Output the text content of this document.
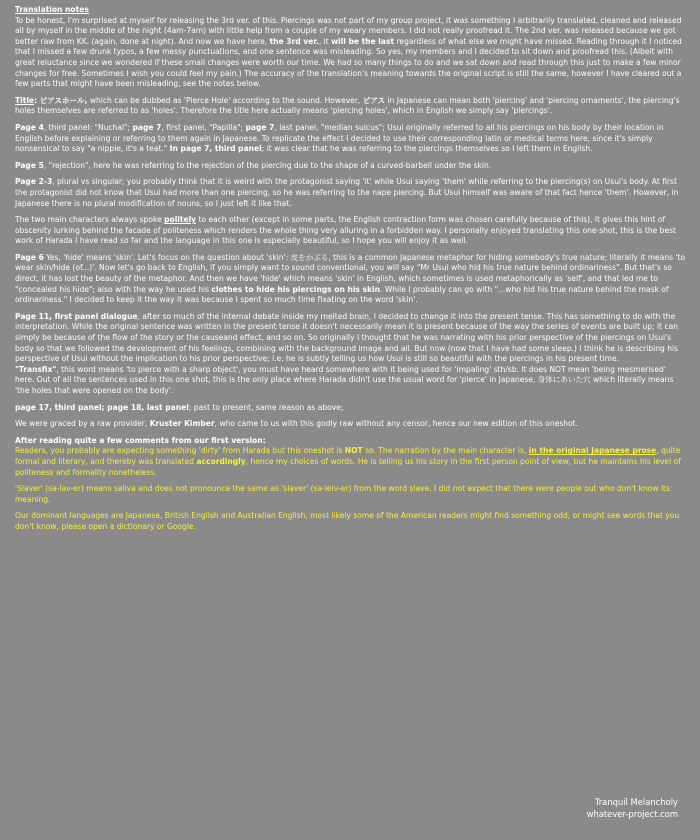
Translation notes
To be honest, I'm surprised at myself for releasing the 3rd ver. of this. Piercings was not part of my group project, it was something I arbitrarily translated, cleaned and released all by myself in the middle of the night (4am-7am) with little help from a couple of my weary members. I did not really proofread it. The 2nd ver. was released because we got better raw from KK. (again, done at night). And now we have here, the 3rd ver., it will be the last regardless of what else we might have missed. Reading through it I noticed that I missed a few drunk typos, a few messy punctuations, and one sentence was misleading. So yes, my members and I decided to sit down and proofread this. (Albeit with great reluctance since we wondered if these small changes were worth our time. We had so many things to do and we sat down and read through this just to make a few minor changes for free. Sometimes I wish you could feel my pain.) The accuracy of the translation's meaning towards the original script is still the same, however I have cleared out a few parts that might have been misleading, see the notes below.

Title: ピアスホール, which can be dubbed as 'Pierce Hole' according to the sound. However, ピアス in Japanese can mean both 'piercing' and 'piercing ornaments', the piercing's holes themselves are referred to as 'holes'. Therefore the title here actually means 'piercing holes', which in English we simply say 'piercings'.

Page 4, third panel: "Nuchal"; page 7, first panel, "Papilla"; page 7, last panel, "median sulcus"; Usui originally referred to all his piercings on his body by their location in English before explaining or referring to them again in Japanese. To replicate the effect I decided to use their corresponding latin or medical terms here, since it's simply nonsensical to say "a nipple, it's a teat." In page 7, third panel; it was clear that he was referring to the piercings themselves so I left them in English.

Page 5, "rejection", here he was referring to the rejection of the piercing due to the shape of a curved-barbell under the skin.

Page 2-3, plural vs singular; you probably think that it is weird with the protagonist saying 'it' while Usui saying 'them' while referring to the piercing(s) on Usui's body. At first the protagonist did not know that Usui had more than one piercing, so he was referring to the nape piercing. But Usui himself was aware of that fact hence 'them'. However, in Japanese there is no plural modification of nouns, so I just left it like that.

The two main characters always spoke politely to each other (except in some parts, the English contraction form was chosen carefully because of this), it gives this hint of obscenity lurking behind the facade of politeness which renders the whole thing very alluring in a forbidden way. I personally enjoyed translating this one-shot, this is the best work of Harada I have read so far and the language in this one is especially beautiful, so I hope you will enjoy it as well.

Page 6 Yes, 'hide' means 'skin'. Let's focus on the question about 'skin': 皮をかぶる, this is a common Japanese metaphor for hiding somebody's true nature; literally it means 'to wear skin/hide (of...)'. Now let's go back to English, if you simply want to sound conventional, you will say "Mr Usui who hid his true nature behind ordinariness". But that's so direct, it has lost the beauty of the metaphor. And then we have 'hide' which means 'skin' in English, which sometimes is used metaphorically as 'self', and that led me to "concealed his hide"; also with the way he used his clothes to hide his piercings on his skin. While I probably can go with "...who hid his true nature behind the mask of ordinariness." I decided to keep it the way it was because I spent so much time fixating on the word 'skin'.

Page 11, first panel dialogue, after so much of the internal debate inside my melted brain, I decided to change it into the present tense. This has something to do with the interpretation. While the original sentence was written in the present tense it doesn't necessarily mean it is present because of the way the series of events are built up; it can simply be because of the flow of the story or the causeand effect, and so on. So originally I thought that he was narrating with his prior perspective of the piercings on Usui's body so that we followed the development of his feelings, combining with the background image and all. But now (now that I have had some sleep.) I think he is describing his perspective of Usui without the implication to his prior perspective; i.e. he is subtly telling us how Usui is still so beautiful with the piercings in his present time.
"Transfix", this word means 'to pierce with a sharp object', you must have heard somewhere with it being used for 'impaling' sth/sb. It does NOT mean 'being mesmerised' here. Out of all the sentences used in this one shot, this is the only place where Harada didn't use the usual word for 'pierce' in Japanese, 身体にあいた穴 which literally means 'the holes that were opened on the body'.

page 17, third panel; page 18, last panel; past to present, same reason as above;

We were graced by a raw provider, Kruster Kimber, who came to us with this godly raw without any censor, hence our new edition of this oneshot.

After reading quite a few comments from our first version:
Readers, you probably are expecting something 'dirty' from Harada but this oneshot is NOT so. The narration by the main character is, in the original Japanese prose, quite formal and literary, and thereby was translated accordingly, hence my choices of words. He is telling us his story in the first person point of view, but he maintains his level of politeness and formality nonetheless.

'Slaver' (sa-lav-er) means saliva and does not pronounce the same as 'slaver' (sa-leiv-er) from the word slave. I did not expect that there were people out who don't know its meaning.

Our dominant languages are Japanese, British English and Australian English, most likely some of the American readers might find something odd, or might see words that you don't know, please open a dictionary or Google.

Tranquil Melancholy
whatever-project.com
